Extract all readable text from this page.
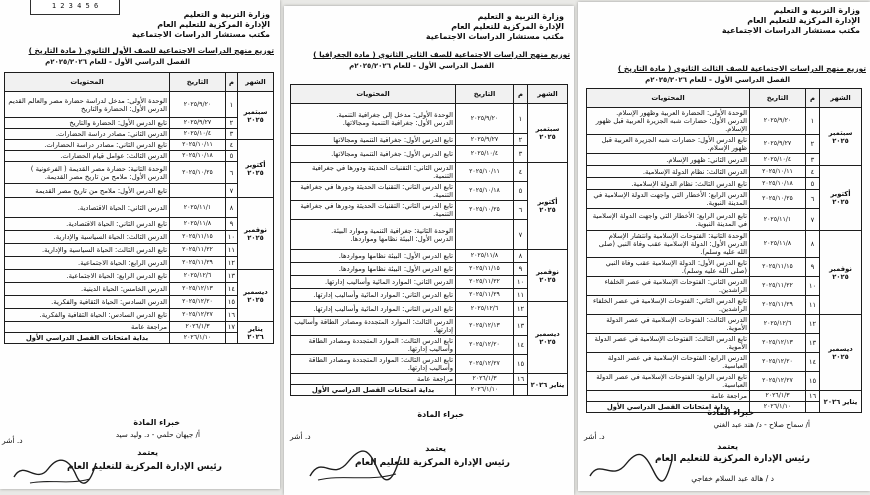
1 2 3 4 5 6
وزارة التربية و التعليم
الإدارة المركزية للتعليم العام
مكتب مستشار الدراسات الاجتماعية
توزيع منهج الدراسات الاجتماعية للصف الأول الثانوي ( مادة التاريخ )
الفصل الدراسي الأول - للعام ٢٠٢٥/٢٠٢٦م
الشهر	م	التاريخ	المحتويات
سبتمبر ٢٠٢٥	١	٢٠٢٥/٩/٢٠	الوحدة الأولى: مدخل لدراسة حضارة مصر والعالم القديم
الدرس الأول: الحضارة والتاريخ
	٢	٢٠٢٥/٩/٢٧	تابع الدرس الأول: الحضارة والتاريخ
	٣	٢٠٢٥/١٠/٤	الدرس الثاني: مصادر دراسة الحضارات.
أكتوبر ٢٠٢٥	٤	٢٠٢٥/١٠/١١	تابع الدرس الثاني: مصادر دراسة الحضارات.
	٥	٢٠٢٥/١٠/١٨	الدرس الثالث: عوامل قيام الحضارات.
	٦	٢٠٢٥/١٠/٢٥	الوحدة الثانية: حضارة مصر القديمة ( الفرعونية )
الدرس الأول: ملامح من تاريخ مصر القديمة.
	٧		تابع الدرس الأول: ملامح من تاريخ مصر القديمة
نوفمبر ٢٠٢٥	٨	٢٠٢٥/١١/١	الدرس الثاني: الحياة الاقتصادية.
	٩	٢٠٢٥/١١/٨	تابع الدرس الثاني: الحياة الاقتصادية.
	١٠	٢٠٢٥/١١/١٥	الدرس الثالث: الحياة السياسية والإدارية.
	١١	٢٠٢٥/١١/٢٢	تابع الدرس الثالث: الحياة السياسية والإدارية.
	١٢	٢٠٢٥/١١/٢٩	الدرس الرابع: الحياة الاجتماعية.
ديسمبر ٢٠٢٥	١٣	٢٠٢٥/١٢/٦	تابع الدرس الرابع: الحياة الاجتماعية.
	١٤	٢٠٢٥/١٢/١٣	الدرس الخامس: الحياة الدينية.
	١٥	٢٠٢٥/١٢/٢٠	الدرس السادس: الحياة الثقافية والفكرية.
	١٦	٢٠٢٥/١٢/٢٧	تابع الدرس السادس: الحياة الثقافية والفكرية.
يناير ٢٠٢٦	١٧	٢٠٢٦/١/٣	مراجعة عامة
		٢٠٢٦/١/١٠	بداية امتحانات الفصل الدراسي الأول
خبراء المادة
أ/ جيهان حلمي - د. وليد سيد
د. أشر
يعتمد
رئيس الإدارة المركزية للتعليم العام
وزارة التربية و التعليم
الإدارة المركزية للتعليم العام
مكتب مستشار الدراسات الاجتماعية
توزيع منهج الدراسات الاجتماعية للصف الثاني الثانوي ( مادة الجغرافيا )
الفصل الدراسي الأول - للعام ٢٠٢٥/٢٠٢٦م
الشهر	م	التاريخ	المحتويات
سبتمبر ٢٠٢٥	١	٢٠٢٥/٩/٢٠	الوحدة الأولى: مدخل إلى جغرافية التنمية.
الدرس الأول: جغرافية التنمية ومجالاتها.
	٢	٢٠٢٥/٩/٢٧	تابع الدرس الأول: جغرافية التنمية ومجالاتها
	٣	٢٠٢٥/١٠/٤	تابع الدرس الأول: جغرافية التنمية ومجالاتها.
أكتوبر ٢٠٢٥	٤	٢٠٢٥/١٠/١١	الدرس الثاني: التقنيات الحديثة ودورها في جغرافية التنمية.
	٥	٢٠٢٥/١٠/١٨	تابع الدرس الثاني: التقنيات الحديثة ودورها في جغرافية التنمية.
	٦	٢٠٢٥/١٠/٢٥	تابع الدرس الثاني: التقنيات الحديثة ودورها في جغرافية التنمية.
	٧		الوحدة الثانية: جغرافية التنمية وموارد البيئة.
الدرس الأول: البيئة نظامها ومواردها.
نوفمبر ٢٠٢٥	٨	٢٠٢٥/١١/٨	تابع الدرس الأول: البيئة نظامها ومواردها.
	٩	٢٠٢٥/١١/١٥	تابع الدرس الأول: البيئة نظامها ومواردها.
	١٠	٢٠٢٥/١١/٢٢	الدرس الثاني: الموارد المائية وأساليب إدارتها.
	١١	٢٠٢٥/١١/٢٩	تابع الدرس الثاني: الموارد المائية وأساليب إدارتها.
ديسمبر ٢٠٢٥	١٢	٢٠٢٥/١٢/٦	تابع الدرس الثاني: الموارد المائية وأساليب إدارتها.
	١٣	٢٠٢٥/١٢/١٣	الدرس الثالث: الموارد المتجددة ومصادر الطاقة وأساليب إدارتها.
	١٤	٢٠٢٥/١٢/٢٠	تابع الدرس الثالث: الموارد المتجددة ومصادر الطاقة وأساليب إدارتها.
	١٥	٢٠٢٥/١٢/٢٧	تابع الدرس الثالث: الموارد المتجددة ومصادر الطاقة وأساليب إدارتها.
يناير ٢٠٢٦	١٦	٢٠٢٦/١/٣	مراجعة عامة
		٢٠٢٦/١/١٠	بداية امتحانات الفصل الدراسي الأول
خبراء المادة
د. أشر
يعتمد
رئيس الإدارة المركزية للتعليم العام
وزارة التربية و التعليم
الإدارة المركزية للتعليم العام
مكتب مستشار الدراسات الاجتماعية
توزيع منهج الدراسات الاجتماعية للصف الثالث الثانوي ( مادة التاريخ )
الفصل الدراسي الأول - للعام ٢٠٢٥/٢٠٢٦م
الشهر	م	التاريخ	المحتويات
سبتمبر ٢٠٢٥	١	٢٠٢٥/٩/٢٠	الوحدة الأولى: الحضارة العربية وظهور الإسلام.
الدرس الأول: حضارات شبه الجزيرة العربية قبل ظهور الإسلام.
	٢	٢٠٢٥/٩/٢٧	تابع الدرس الأول: حضارات شبه الجزيرة العربية قبل ظهور الإسلام.
	٣	٢٠٢٥/١٠/٤	الدرس الثاني: ظهور الإسلام.
أكتوبر ٢٠٢٥	٤	٢٠٢٥/١٠/١١	الدرس الثالث: نظام الدولة الإسلامية.
	٥	٢٠٢٥/١٠/١٨	تابع الدرس الثالث: نظام الدولة الإسلامية.
	٦	٢٠٢٥/١٠/٢٥	الدرس الرابع: الأخطار التي واجهت الدولة الإسلامية في المدينة النبوية.
	٧	٢٠٢٥/١١/١	تابع الدرس الرابع: الأخطار التي واجهت الدولة الإسلامية في المدينة النبوية.
نوفمبر ٢٠٢٥	٨	٢٠٢٥/١١/٨	الوحدة الثانية: الفتوحات الإسلامية وانتشار الإسلام
الدرس الأول: الدولة الإسلامية عقب وفاة النبي (صلى الله عليه وسلم).
	٩	٢٠٢٥/١١/١٥	تابع الدرس الأول: الدولة الإسلامية عقب وفاة النبي (صلى الله عليه وسلم).
	١٠	٢٠٢٥/١١/٢٢	الدرس الثاني: الفتوحات الإسلامية في عصر الخلفاء الراشدين.
	١١	٢٠٢٥/١١/٢٩	تابع الدرس الثاني: الفتوحات الإسلامية في عصر الخلفاء الراشدين.
ديسمبر ٢٠٢٥	١٢	٢٠٢٥/١٢/٦	الدرس الثالث: الفتوحات الإسلامية في عصر الدولة الأموية.
	١٣	٢٠٢٥/١٢/١٣	تابع الدرس الثالث: الفتوحات الإسلامية في عصر الدولة الأموية.
	١٤	٢٠٢٥/١٢/٢٠	الدرس الرابع: الفتوحات الإسلامية في عصر الدولة العباسية.
	١٥	٢٠٢٥/١٢/٢٧	تابع الدرس الرابع: الفتوحات الإسلامية في عصر الدولة العباسية.
يناير ٢٠٢٦	١٦	٢٠٢٦/١/٣	مراجعة عامة
		٢٠٢٦/١/١٠	بداية امتحانات الفصل الدراسي الأول
خبراء المادة
أ/ سماح صلاح - د/ هند عبد الغني
د. أشر
يعتمد
رئيس الإدارة المركزية للتعليم العام
د / هالة عبد السلام خفاجي
